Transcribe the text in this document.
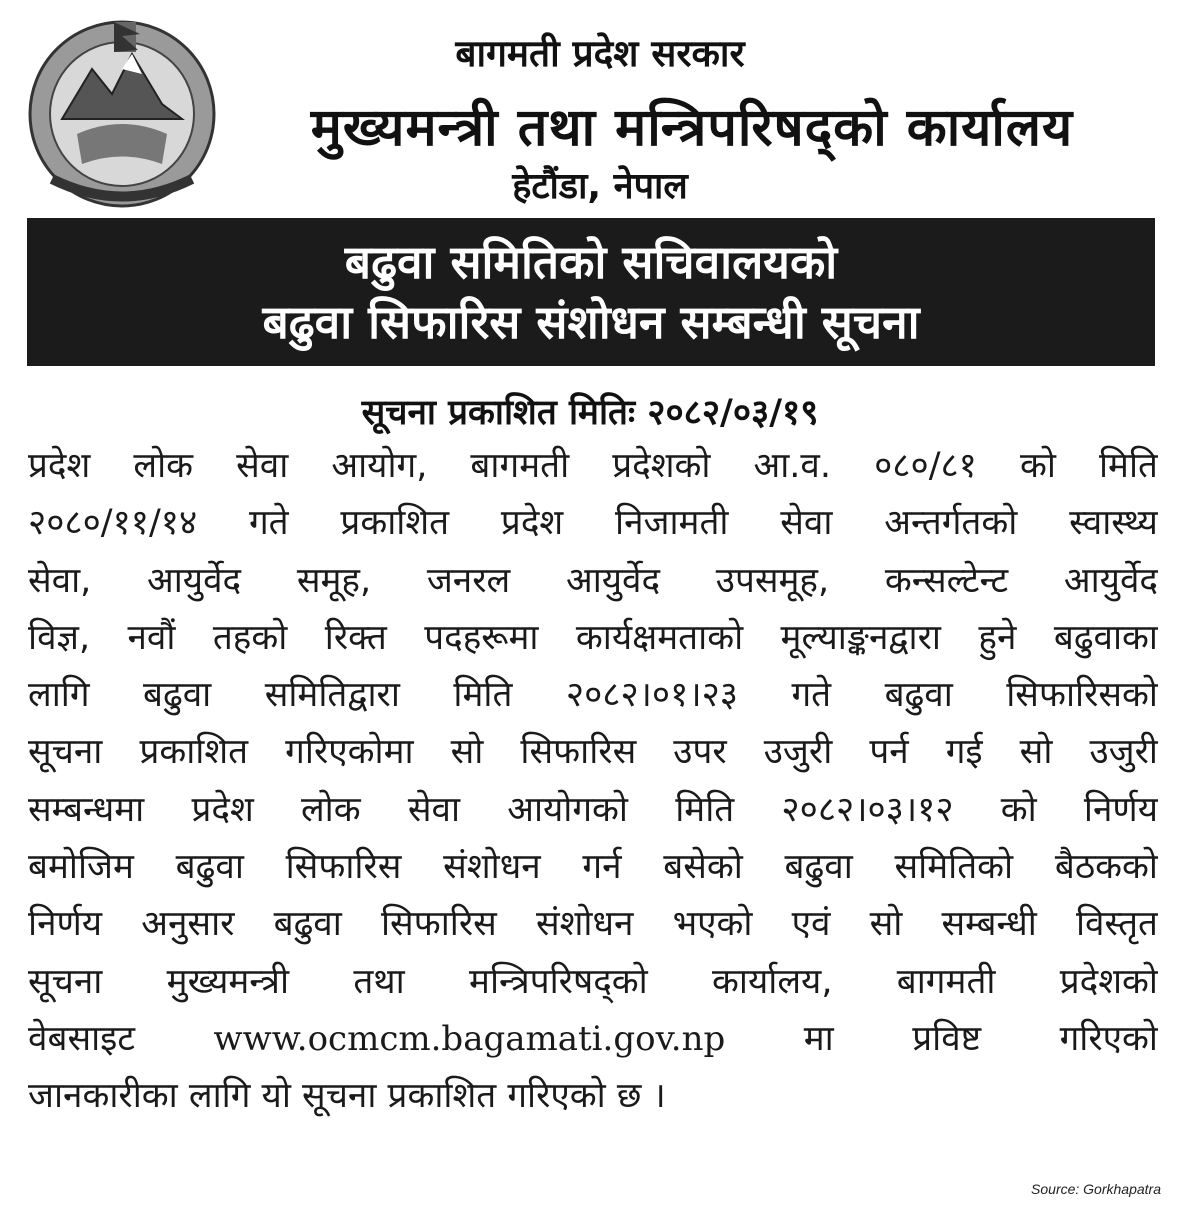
बागमती प्रदेश सरकार
मुख्यमन्त्री तथा मन्त्रिपरिषद्को कार्यालय
हेटौंडा, नेपाल
बढुवा समितिको सचिवालयको
बढुवा सिफारिस संशोधन सम्बन्धी सूचना
सूचना प्रकाशित मितिः २०८२/०३/१९
प्रदेश लोक सेवा आयोग, बागमती प्रदेशको आ.व. ०८०/८१ को मिति
२०८०/११/१४ गते प्रकाशित प्रदेश निजामती सेवा अन्तर्गतको स्वास्थ्य
सेवा, आयुर्वेद समूह, जनरल आयुर्वेद उपसमूह, कन्सल्टेन्ट आयुर्वेद
विज्ञ, नवौं तहको रिक्त पदहरूमा कार्यक्षमताको मूल्याङ्कनद्वारा हुने बढुवाका
लागि बढुवा समितिद्वारा मिति २०८२।०१।२३ गते बढुवा सिफारिसको
सूचना प्रकाशित गरिएकोमा सो सिफारिस उपर उजुरी पर्न गई सो उजुरी
सम्बन्धमा प्रदेश लोक सेवा आयोगको मिति २०८२।०३।१२ को निर्णय
बमोजिम बढुवा सिफारिस संशोधन गर्न बसेको बढुवा समितिको बैठकको
निर्णय अनुसार बढुवा सिफारिस संशोधन भएको एवं सो सम्बन्धी विस्तृत
सूचना मुख्यमन्त्री तथा मन्त्रिपरिषद्को कार्यालय, बागमती प्रदेशको
वेबसाइट www.ocmcm.bagamati.gov.np मा प्रविष्ट गरिएको
जानकारीका लागि यो सूचना प्रकाशित गरिएको छ ।
Source: Gorkhapatra
